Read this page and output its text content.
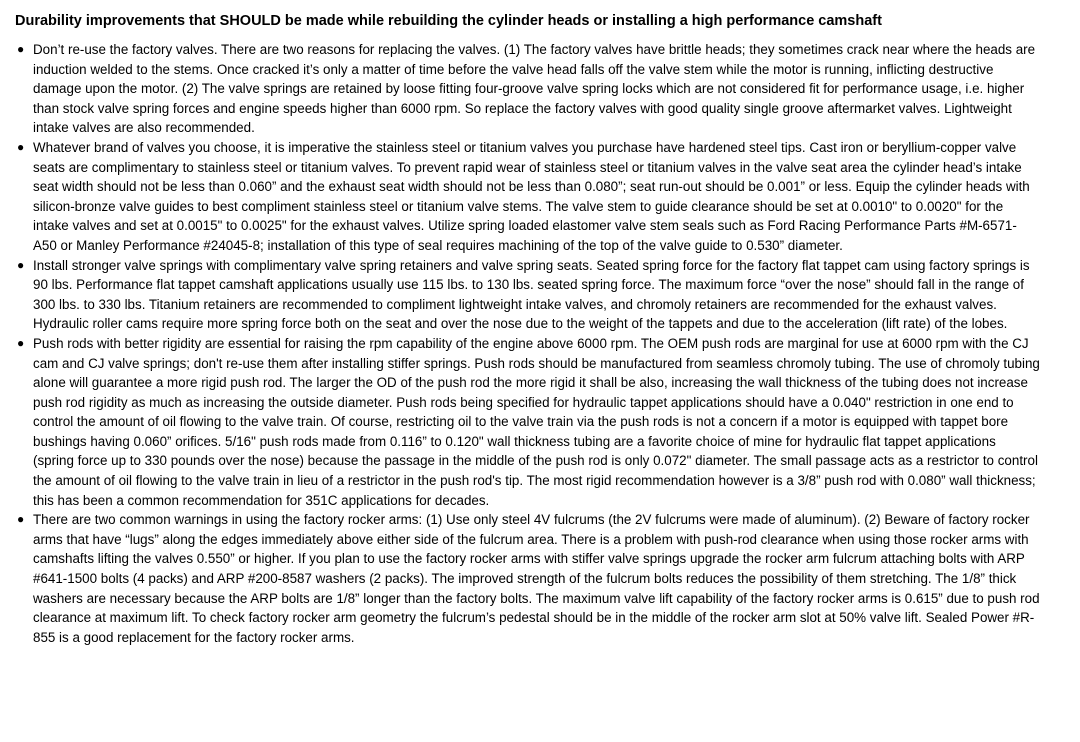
Durability improvements that SHOULD be made while rebuilding the cylinder heads or installing a high performance camshaft
● Don’t re-use the factory valves. There are two reasons for replacing the valves. (1) The factory valves have brittle heads; they sometimes crack near where the heads are induction welded to the stems. Once cracked it’s only a matter of time before the valve head falls off the valve stem while the motor is running, inflicting destructive damage upon the motor. (2) The valve springs are retained by loose fitting four-groove valve spring locks which are not considered fit for performance usage, i.e. higher than stock valve spring forces and engine speeds higher than 6000 rpm. So replace the factory valves with good quality single groove aftermarket valves. Lightweight intake valves are also recommended.
● Whatever brand of valves you choose, it is imperative the stainless steel or titanium valves you purchase have hardened steel tips. Cast iron or beryllium-copper valve seats are complimentary to stainless steel or titanium valves. To prevent rapid wear of stainless steel or titanium valves in the valve seat area the cylinder head’s intake seat width should not be less than 0.060” and the exhaust seat width should not be less than 0.080”; seat run-out should be 0.001” or less. Equip the cylinder heads with silicon-bronze valve guides to best compliment stainless steel or titanium valve stems. The valve stem to guide clearance should be set at 0.0010" to 0.0020" for the intake valves and set at 0.0015" to 0.0025" for the exhaust valves. Utilize spring loaded elastomer valve stem seals such as Ford Racing Performance Parts #M-6571-A50 or Manley Performance #24045-8; installation of this type of seal requires machining of the top of the valve guide to 0.530” diameter.
● Install stronger valve springs with complimentary valve spring retainers and valve spring seats. Seated spring force for the factory flat tappet cam using factory springs is 90 lbs. Performance flat tappet camshaft applications usually use 115 lbs. to 130 lbs. seated spring force. The maximum force “over the nose” should fall in the range of 300 lbs. to 330 lbs. Titanium retainers are recommended to compliment lightweight intake valves, and chromoly retainers are recommended for the exhaust valves. Hydraulic roller cams require more spring force both on the seat and over the nose due to the weight of the tappets and due to the acceleration (lift rate) of the lobes.
● Push rods with better rigidity are essential for raising the rpm capability of the engine above 6000 rpm. The OEM push rods are marginal for use at 6000 rpm with the CJ cam and CJ valve springs; don't re-use them after installing stiffer springs. Push rods should be manufactured from seamless chromoly tubing. The use of chromoly tubing alone will guarantee a more rigid push rod. The larger the OD of the push rod the more rigid it shall be also, increasing the wall thickness of the tubing does not increase push rod rigidity as much as increasing the outside diameter. Push rods being specified for hydraulic tappet applications should have a 0.040" restriction in one end to control the amount of oil flowing to the valve train. Of course, restricting oil to the valve train via the push rods is not a concern if a motor is equipped with tappet bore bushings having 0.060” orifices. 5/16" push rods made from 0.116” to 0.120" wall thickness tubing are a favorite choice of mine for hydraulic flat tappet applications (spring force up to 330 pounds over the nose) because the passage in the middle of the push rod is only 0.072" diameter. The small passage acts as a restrictor to control the amount of oil flowing to the valve train in lieu of a restrictor in the push rod's tip. The most rigid recommendation however is a 3/8” push rod with 0.080” wall thickness; this has been a common recommendation for 351C applications for decades.
● There are two common warnings in using the factory rocker arms: (1) Use only steel 4V fulcrums (the 2V fulcrums were made of aluminum). (2) Beware of factory rocker arms that have “lugs” along the edges immediately above either side of the fulcrum area. There is a problem with push-rod clearance when using those rocker arms with camshafts lifting the valves 0.550” or higher. If you plan to use the factory rocker arms with stiffer valve springs upgrade the rocker arm fulcrum attaching bolts with ARP #641-1500 bolts (4 packs) and ARP #200-8587 washers (2 packs). The improved strength of the fulcrum bolts reduces the possibility of them stretching. The 1/8” thick washers are necessary because the ARP bolts are 1/8” longer than the factory bolts. The maximum valve lift capability of the factory rocker arms is 0.615” due to push rod clearance at maximum lift. To check factory rocker arm geometry the fulcrum’s pedestal should be in the middle of the rocker arm slot at 50% valve lift. Sealed Power #R-855 is a good replacement for the factory rocker arms.
